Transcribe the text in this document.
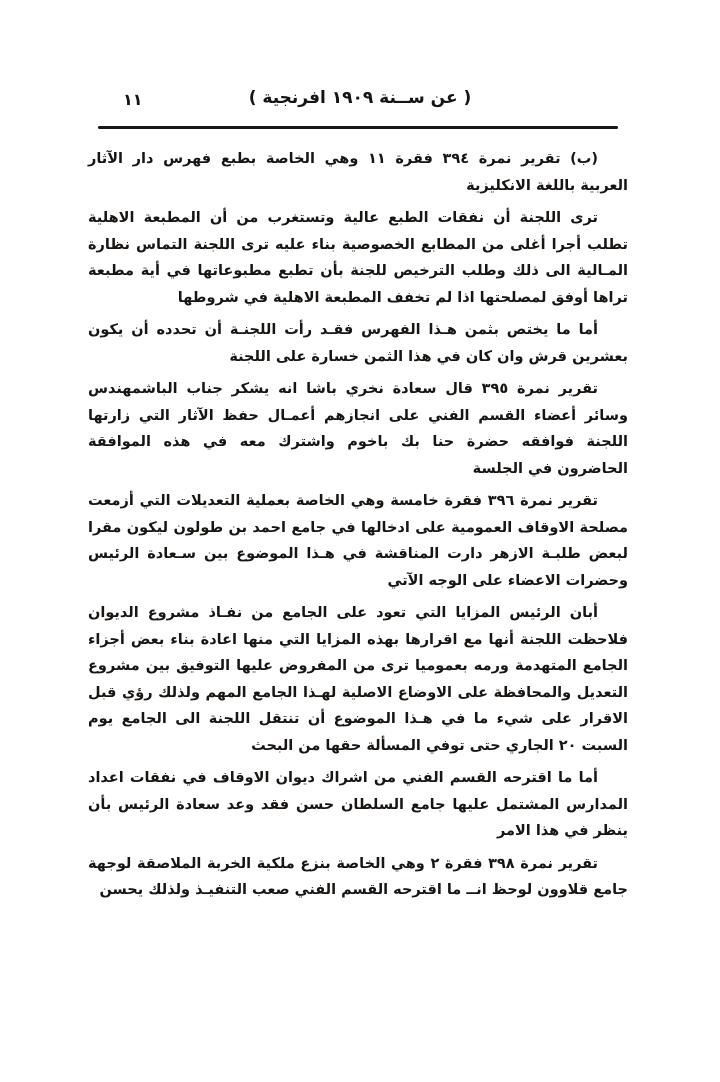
١١	( عن ســنة ١٩٠٩ افرنجية )

(ب) تقرير نمرة ٣٩٤ فقرة ١١ وهي الخاصة بطبع فهرس دار الآثار العربية باللغة الانكليزية

ترى اللجنة أن نفقات الطبع عالية وتستغرب من أن المطبعة الاهلية تطلب أجرا أغلى من المطابع الخصوصية بناء عليه ترى اللجنة التماس نظارة المـالية الى ذلك وطلب الترخيص للجنة بأن تطبع مطبوعاتها في أية مطبعة تراها أوفق لمصلحتها اذا لم تخفف المطبعة الاهلية في شروطها

أما ما يختص بثمن هـذا الفهرس فقـد رأت اللجنـة أن تحدده أن يكون بعشرين قرش وان كان في هذا الثمن خسارة على اللجنة

تقرير نمرة ٣٩٥ قال سعادة نخري باشا انه يشكر جناب الباشمهندس وسائر أعضاء القسم الفني على انجازهم أعمـال حفظ الآثار التي زارتها اللجنة فوافقه حضرة حنا بك باخوم واشترك معه في هذه الموافقة الحاضرون في الجلسة

تقرير نمرة ٣٩٦ فقرة خامسة وهي الخاصة بعملية التعديلات التي أزمعت مصلحة الاوقاف العمومية على ادخالها في جامع احمد بن طولون ليكون مقرا لبعض طلبـة الازهر دارت المناقشة في هـذا الموضوع بين سـعادة الرئيس وحضرات الاعضاء على الوجه الآتي

أبان الرئيس المزايا التي تعود على الجامع من نفـاذ مشروع الديوان فلاحظت اللجنة أنها مع اقرارها بهذه المزايا التي منها اعادة بناء بعض أجزاء الجامع المتهدمة ورمه بعموميا ترى من المفروض عليها التوفيق بين مشروع التعديل والمحافظة على الاوضاع الاصلية لهـذا الجامع المهم ولذلك رؤي قبل الاقرار على شيء ما في هـذا الموضوع أن تنتقل اللجنة الى الجامع يوم السبت ٢٠ الجاري حتى توفي المسألة حقها من البحث

أما ما اقترحه القسم الفني من اشراك ديوان الاوقاف في نفقات اعداد المدارس المشتمل عليها جامع السلطان حسن فقد وعد سعادة الرئيس بأن ينظر في هذا الامر

تقرير نمرة ٣٩٨ فقرة ٢ وهي الخاصة بنزع ملكية الخربة الملاصقة لوجهة جامع قلاوون لوحظ انــ ما اقترحه القسم الفني صعب التنفيـذ ولذلك يحسن
